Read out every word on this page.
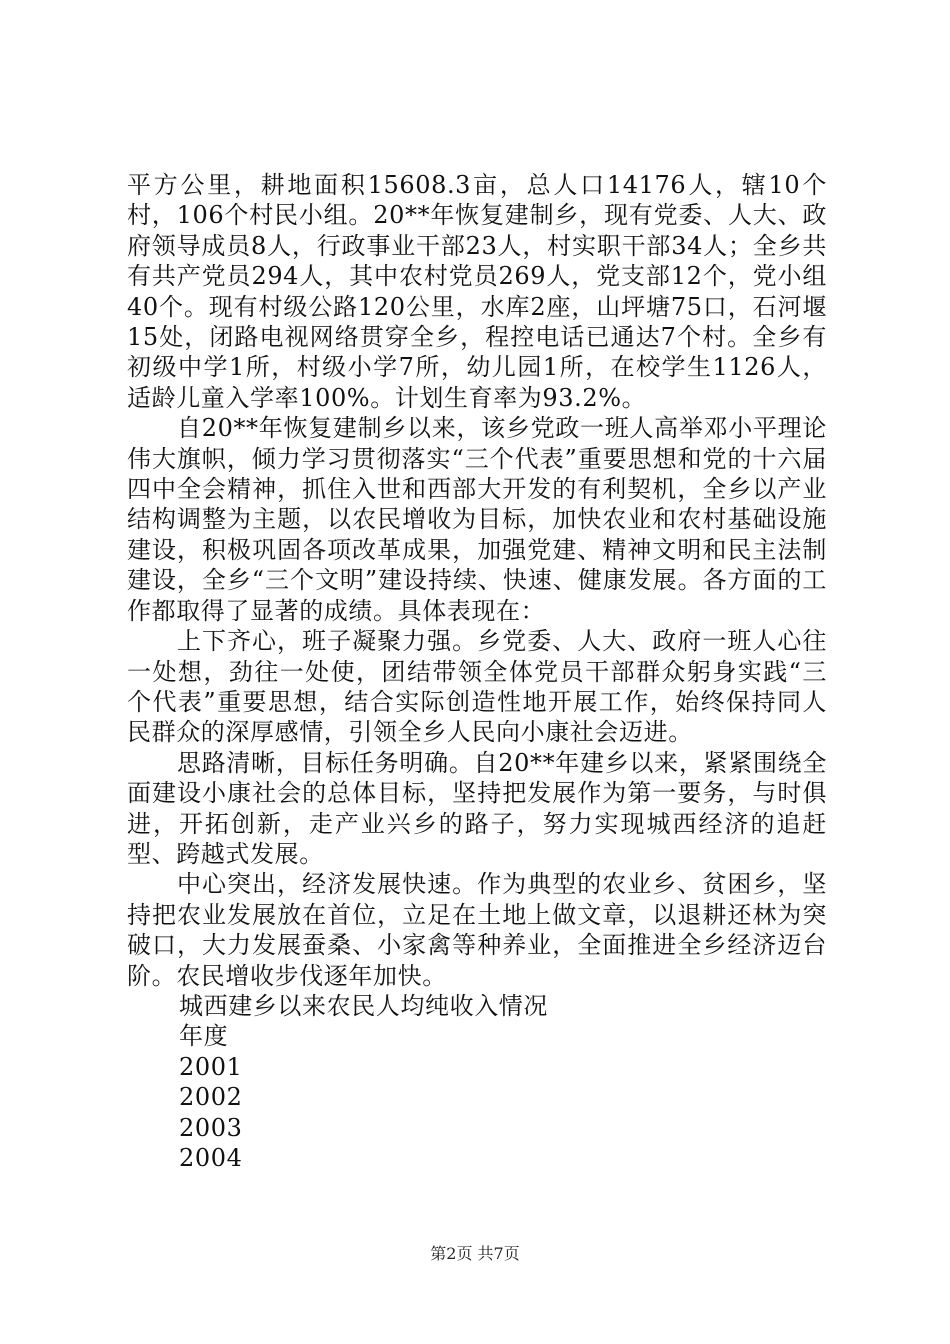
平方公里，耕地面积15608.3亩，总人口14176人，辖10个村，106个村民小组。20**年恢复建制乡，现有党委、人大、政府领导成员8人，行政事业干部23人，村实职干部34人；全乡共有共产党员294人，其中农村党员269人，党支部12个，党小组40个。现有村级公路120公里，水库2座，山坪塘75口，石河堰15处，闭路电视网络贯穿全乡，程控电话已通达7个村。全乡有初级中学1所，村级小学7所，幼儿园1所，在校学生1126人，适龄儿童入学率100%。计划生育率为93.2%。

自20**年恢复建制乡以来，该乡党政一班人高举邓小平理论伟大旗帜，倾力学习贯彻落实“三个代表”重要思想和党的十六届四中全会精神，抓住入世和西部大开发的有利契机，全乡以产业结构调整为主题，以农民增收为目标，加快农业和农村基础设施建设，积极巩固各项改革成果，加强党建、精神文明和民主法制建设，全乡“三个文明”建设持续、快速、健康发展。各方面的工作都取得了显著的成绩。具体表现在：

上下齐心，班子凝聚力强。乡党委、人大、政府一班人心往一处想，劲往一处使，团结带领全体党员干部群众躬身实践“三个代表”重要思想，结合实际创造性地开展工作，始终保持同人民群众的深厚感情，引领全乡人民向小康社会迈进。

思路清晰，目标任务明确。自20**年建乡以来，紧紧围绕全面建设小康社会的总体目标，坚持把发展作为第一要务，与时俱进，开拓创新，走产业兴乡的路子，努力实现城西经济的追赶型、跨越式发展。

中心突出，经济发展快速。作为典型的农业乡、贫困乡，坚持把农业发展放在首位，立足在土地上做文章，以退耕还林为突破口，大力发展蚕桑、小家禽等种养业，全面推进全乡经济迈台阶。农民增收步伐逐年加快。

城西建乡以来农民人均纯收入情况

年度

2001

2002

2003

2004

第2页 共7页
